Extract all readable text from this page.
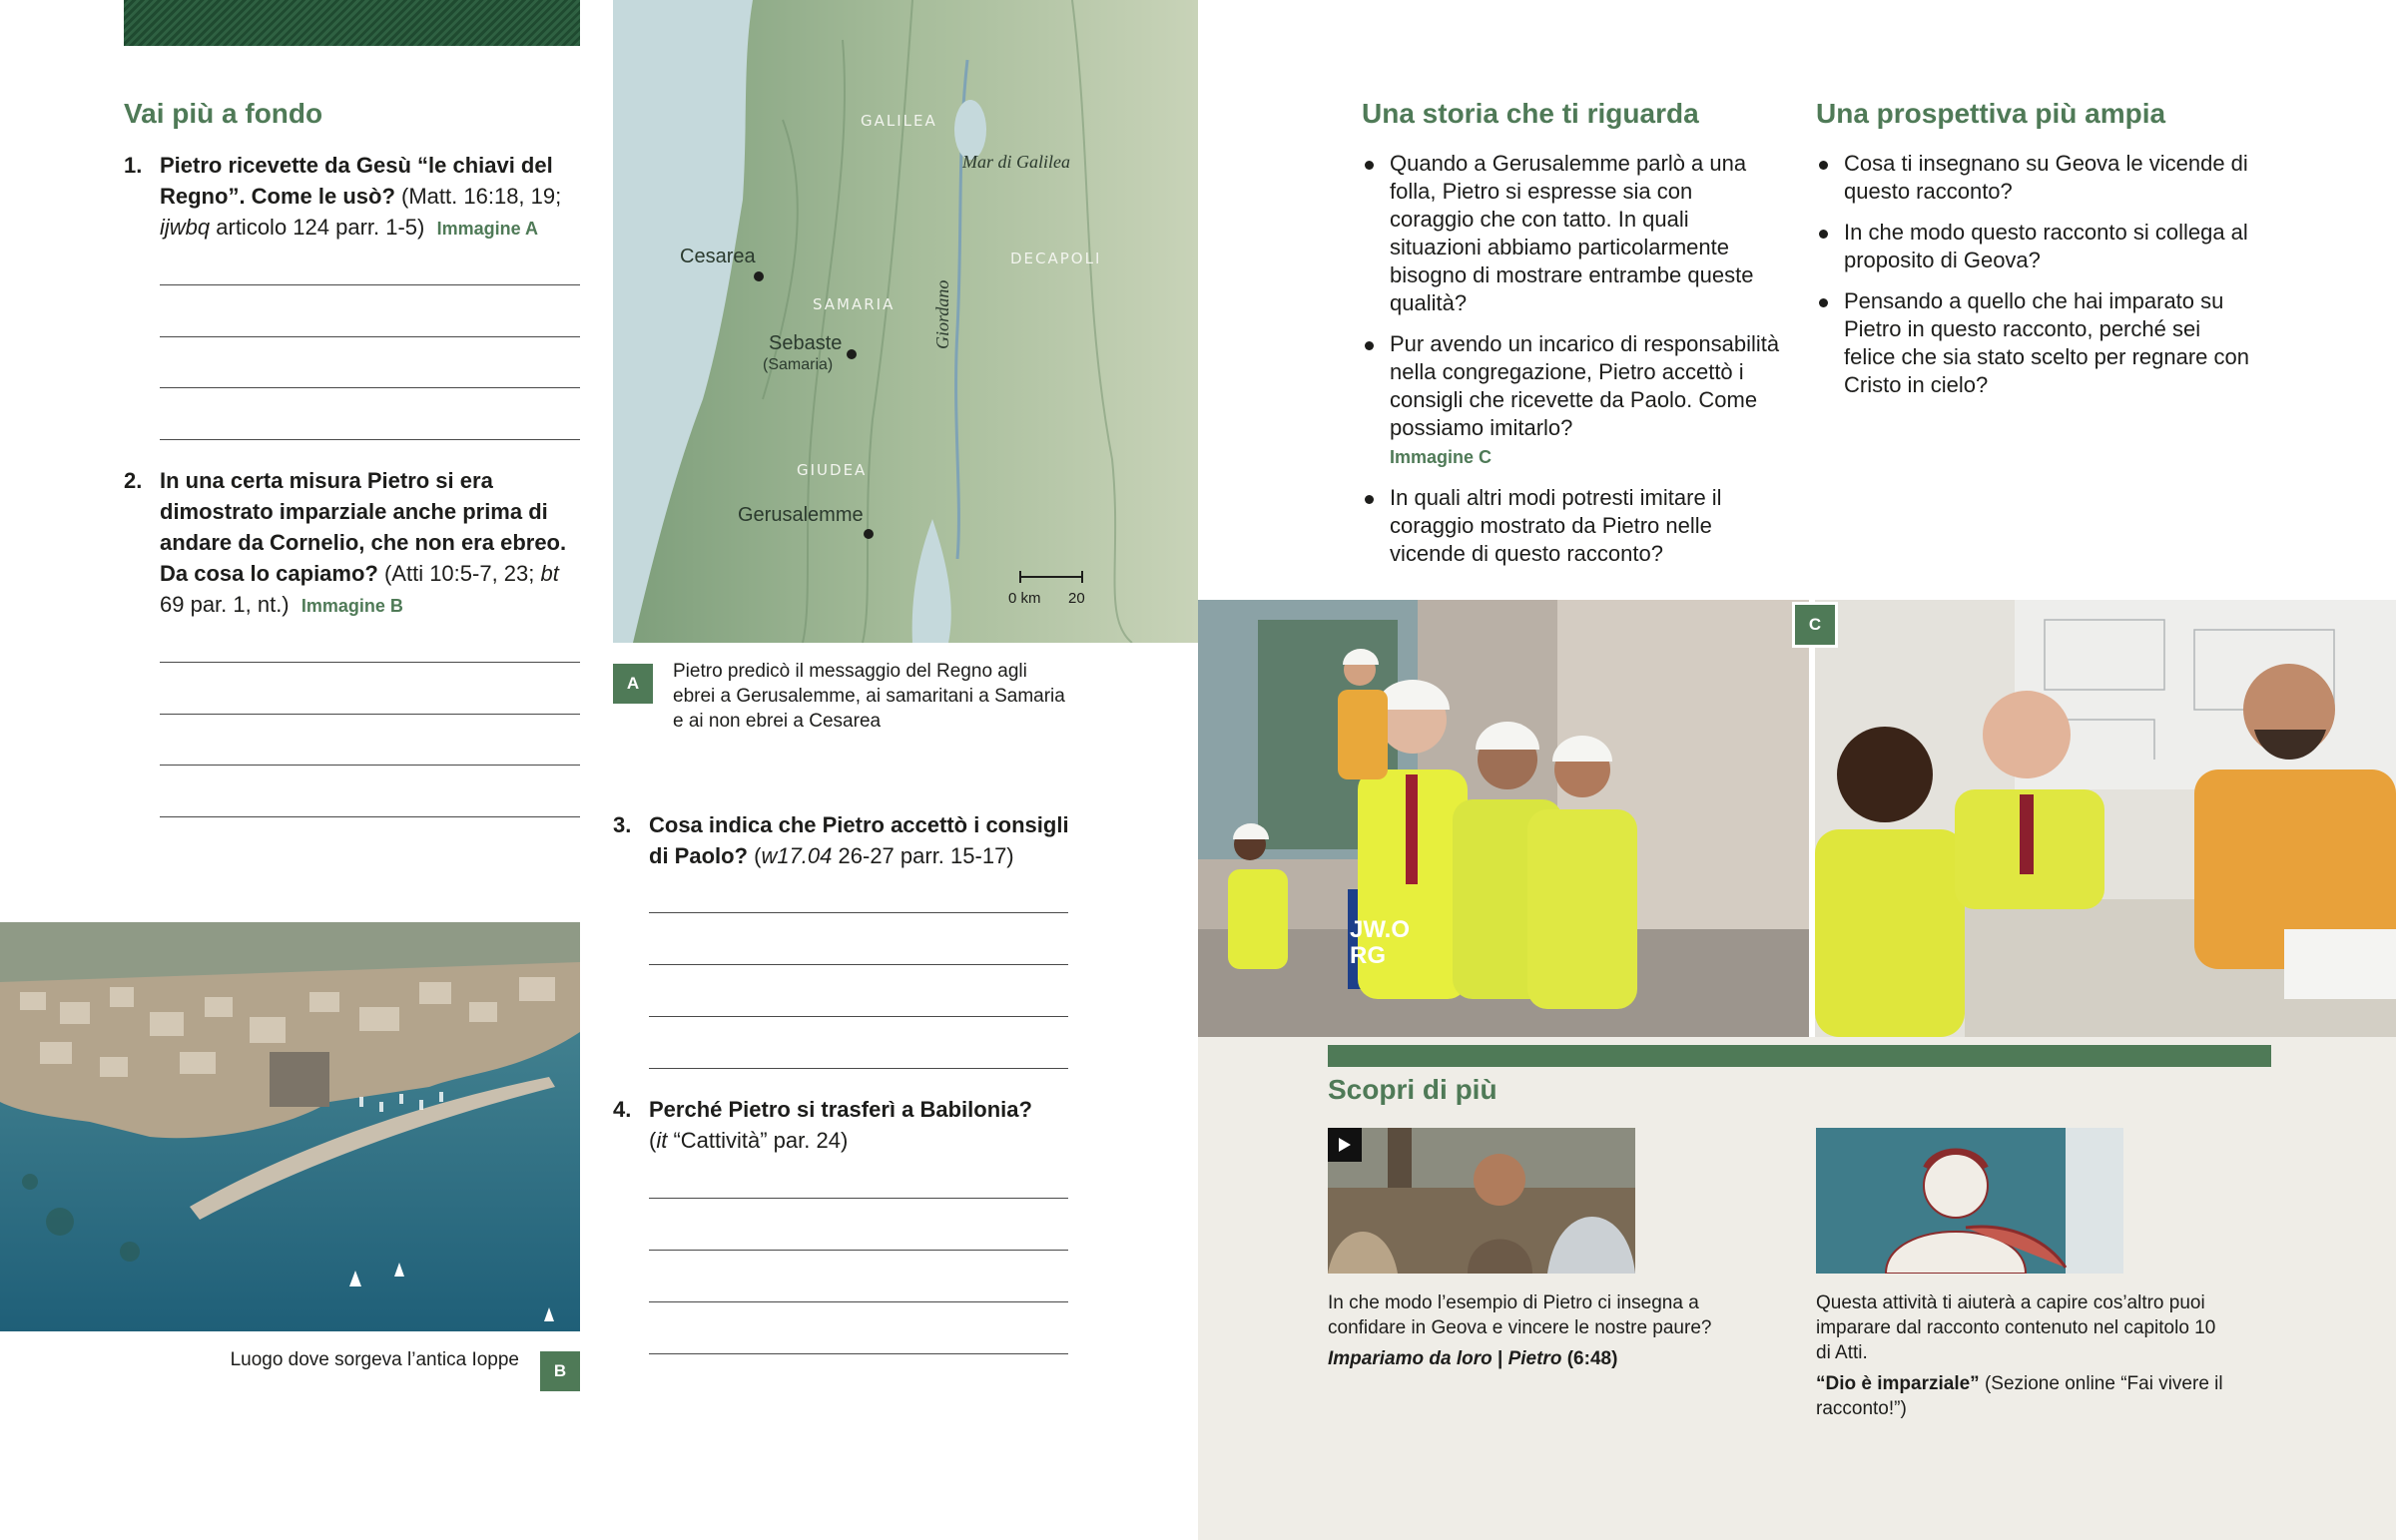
Vai più a fondo
1. Pietro ricevette da Gesù “le chiavi del Regno”. Come le usò? (Matt. 16:18, 19; ijwbq articolo 124 parr. 1-5) Immagine A
2. In una certa misura Pietro si era dimostrato imparziale anche prima di andare da Cornelio, che non era ebreo. Da cosa lo capiamo? (Atti 10:5-7, 23; bt 69 par. 1, nt.) Immagine B
Luogo dove sorgeva l’antica Ioppe
B
GALILEA
DECAPOLI
SAMARIA
GIUDEA
Mar di Galilea
Giordano
Cesarea
Sebaste
(Samaria)
Gerusalemme
0 km 20
A
Pietro predicò il messaggio del Regno agli ebrei a Gerusalemme, ai samaritani a Samaria e ai non ebrei a Cesarea
3. Cosa indica che Pietro accettò i consigli di Paolo? (w17.04 26-27 parr. 15-17)
4. Perché Pietro si trasferì a Babilonia?
(it “Cattività” par. 24)
Una storia che ti riguarda
Quando a Gerusalemme parlò a una folla, Pietro si espresse sia con coraggio che con tatto. In quali situazioni abbiamo particolarmente bisogno di mostrare entrambe queste qualità?
Pur avendo un incarico di responsabilità nella congregazione, Pietro accettò i consigli che ricevette da Paolo. Come possiamo imitarlo?
Immagine C
In quali altri modi potresti imitare il coraggio mostrato da Pietro nelle vicende di questo racconto?
Una prospettiva più ampia
Cosa ti insegnano su Geova le vicende di questo racconto?
In che modo questo racconto si collega al proposito di Geova?
Pensando a quello che hai imparato su Pietro in questo racconto, perché sei felice che sia stato scelto per regnare con Cristo in cielo?
JW.ORG
C
Scopri di più
In che modo l’esempio di Pietro ci insegna a confidare in Geova e vincere le nostre paure?
Impariamo da loro | Pietro (6:48)
Questa attività ti aiuterà a capire cos’altro puoi imparare dal racconto contenuto nel capitolo 10 di Atti.
“Dio è imparziale” (Sezione online “Fai vivere il racconto!”)
